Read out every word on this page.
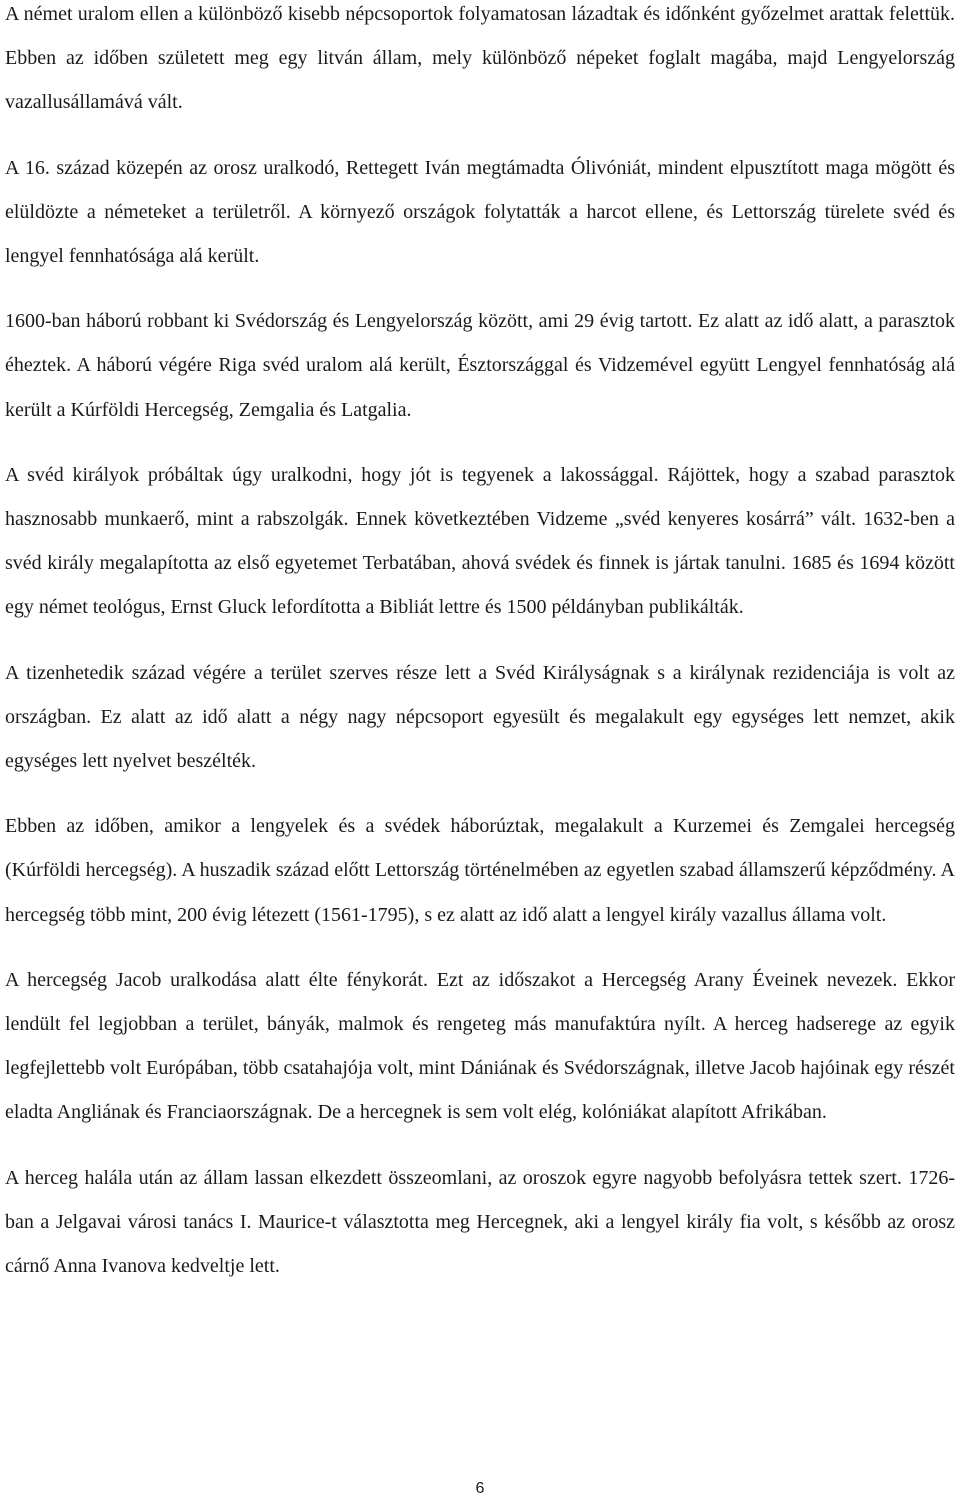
A német uralom ellen a különböző kisebb népcsoportok folyamatosan lázadtak és időnként győzelmet arattak felettük. Ebben az időben született meg egy litván állam, mely különböző népeket foglalt magába, majd Lengyelország vazallusállamává vált.

A 16. század közepén az orosz uralkodó, Rettegett Iván megtámadta Ólivóniát, mindent elpusztított maga mögött és elüldözte a németeket a területről. A környező országok folytatták a harcot ellene, és Lettország türelete svéd és lengyel fennhatósága alá került.

1600-ban háború robbant ki Svédország és Lengyelország között, ami 29 évig tartott. Ez alatt az idő alatt, a parasztok éheztek. A háború végére Riga svéd uralom alá került, Észtországgal és Vidzemével együtt Lengyel fennhatóság alá került a Kúrföldi Hercegség, Zemgalia és Latgalia.

A svéd királyok próbáltak úgy uralkodni, hogy jót is tegyenek a lakossággal. Rájöttek, hogy a szabad parasztok hasznosabb munkaerő, mint a rabszolgák. Ennek következtében Vidzeme „svéd kenyeres kosárrá” vált. 1632-ben a svéd király megalapította az első egyetemet Terbatában, ahová svédek és finnek is jártak tanulni. 1685 és 1694 között egy német teológus, Ernst Gluck lefordította a Bibliát lettre és 1500 példányban publikálták.

A tizenhetedik század végére a terület szerves része lett a Svéd Királyságnak s a királynak rezidenciája is volt az országban. Ez alatt az idő alatt a négy nagy népcsoport egyesült és megalakult egy egységes lett nemzet, akik egységes lett nyelvet beszélték.

Ebben az időben, amikor a lengyelek és a svédek háborúztak, megalakult a Kurzemei és Zemgalei hercegség (Kúrföldi hercegség). A huszadik század előtt Lettország történelmében az egyetlen szabad államszerű képződmény. A hercegség több mint, 200 évig létezett (1561-1795), s ez alatt az idő alatt a lengyel király vazallus állama volt.

A hercegség Jacob uralkodása alatt élte fénykorát. Ezt az időszakot a Hercegség Arany Éveinek nevezek. Ekkor lendült fel legjobban a terület, bányák, malmok és rengeteg más manufaktúra nyílt. A herceg hadserege az egyik legfejlettebb volt Európában, több csatahajója volt, mint Dániának és Svédországnak, illetve Jacob hajóinak egy részét eladta Angliának és Franciaországnak. De a hercegnek is sem volt elég, kolóniákat alapított Afrikában.

A herceg halála után az állam lassan elkezdett összeomlani, az oroszok egyre nagyobb befolyásra tettek szert. 1726-ban a Jelgavai városi tanács I. Maurice-t választotta meg Hercegnek, aki a lengyel király fia volt, s később az orosz cárnő Anna Ivanova kedveltje lett.

6
